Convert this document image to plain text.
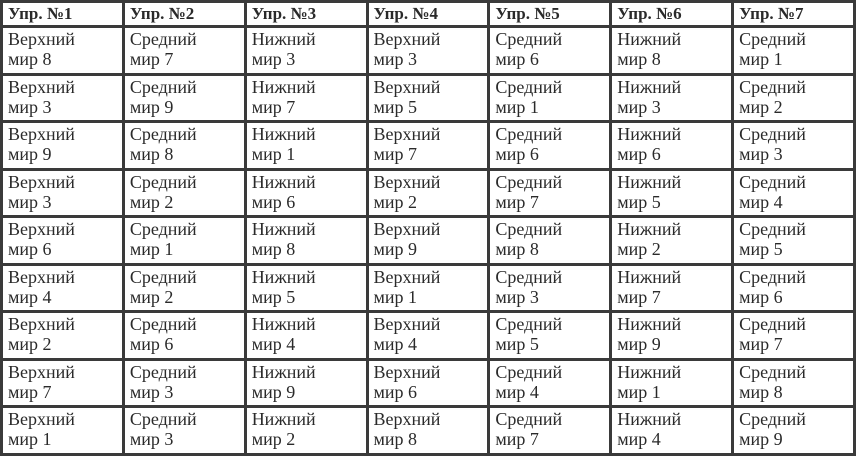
Упр. №1	Упр. №2	Упр. №3	Упр. №4	Упр. №5	Упр. №6	Упр. №7

Верхний
мир 8	Средний
мир 7	Нижний
мир 3	Верхний
мир 3	Средний
мир 6	Нижний
мир 8	Средний
мир 1

Верхний
мир 3	Средний
мир 9	Нижний
мир 7	Верхний
мир 5	Средний
мир 1	Нижний
мир 3	Средний
мир 2

Верхний
мир 9	Средний
мир 8	Нижний
мир 1	Верхний
мир 7	Средний
мир 6	Нижний
мир 6	Средний
мир 3

Верхний
мир 3	Средний
мир 2	Нижний
мир 6	Верхний
мир 2	Средний
мир 7	Нижний
мир 5	Средний
мир 4

Верхний
мир 6	Средний
мир 1	Нижний
мир 8	Верхний
мир 9	Средний
мир 8	Нижний
мир 2	Средний
мир 5

Верхний
мир 4	Средний
мир 2	Нижний
мир 5	Верхний
мир 1	Средний
мир 3	Нижний
мир 7	Средний
мир 6

Верхний
мир 2	Средний
мир 6	Нижний
мир 4	Верхний
мир 4	Средний
мир 5	Нижний
мир 9	Средний
мир 7

Верхний
мир 7	Средний
мир 3	Нижний
мир 9	Верхний
мир 6	Средний
мир 4	Нижний
мир 1	Средний
мир 8

Верхний
мир 1	Средний
мир 3	Нижний
мир 2	Верхний
мир 8	Средний
мир 7	Нижний
мир 4	Средний
мир 9
